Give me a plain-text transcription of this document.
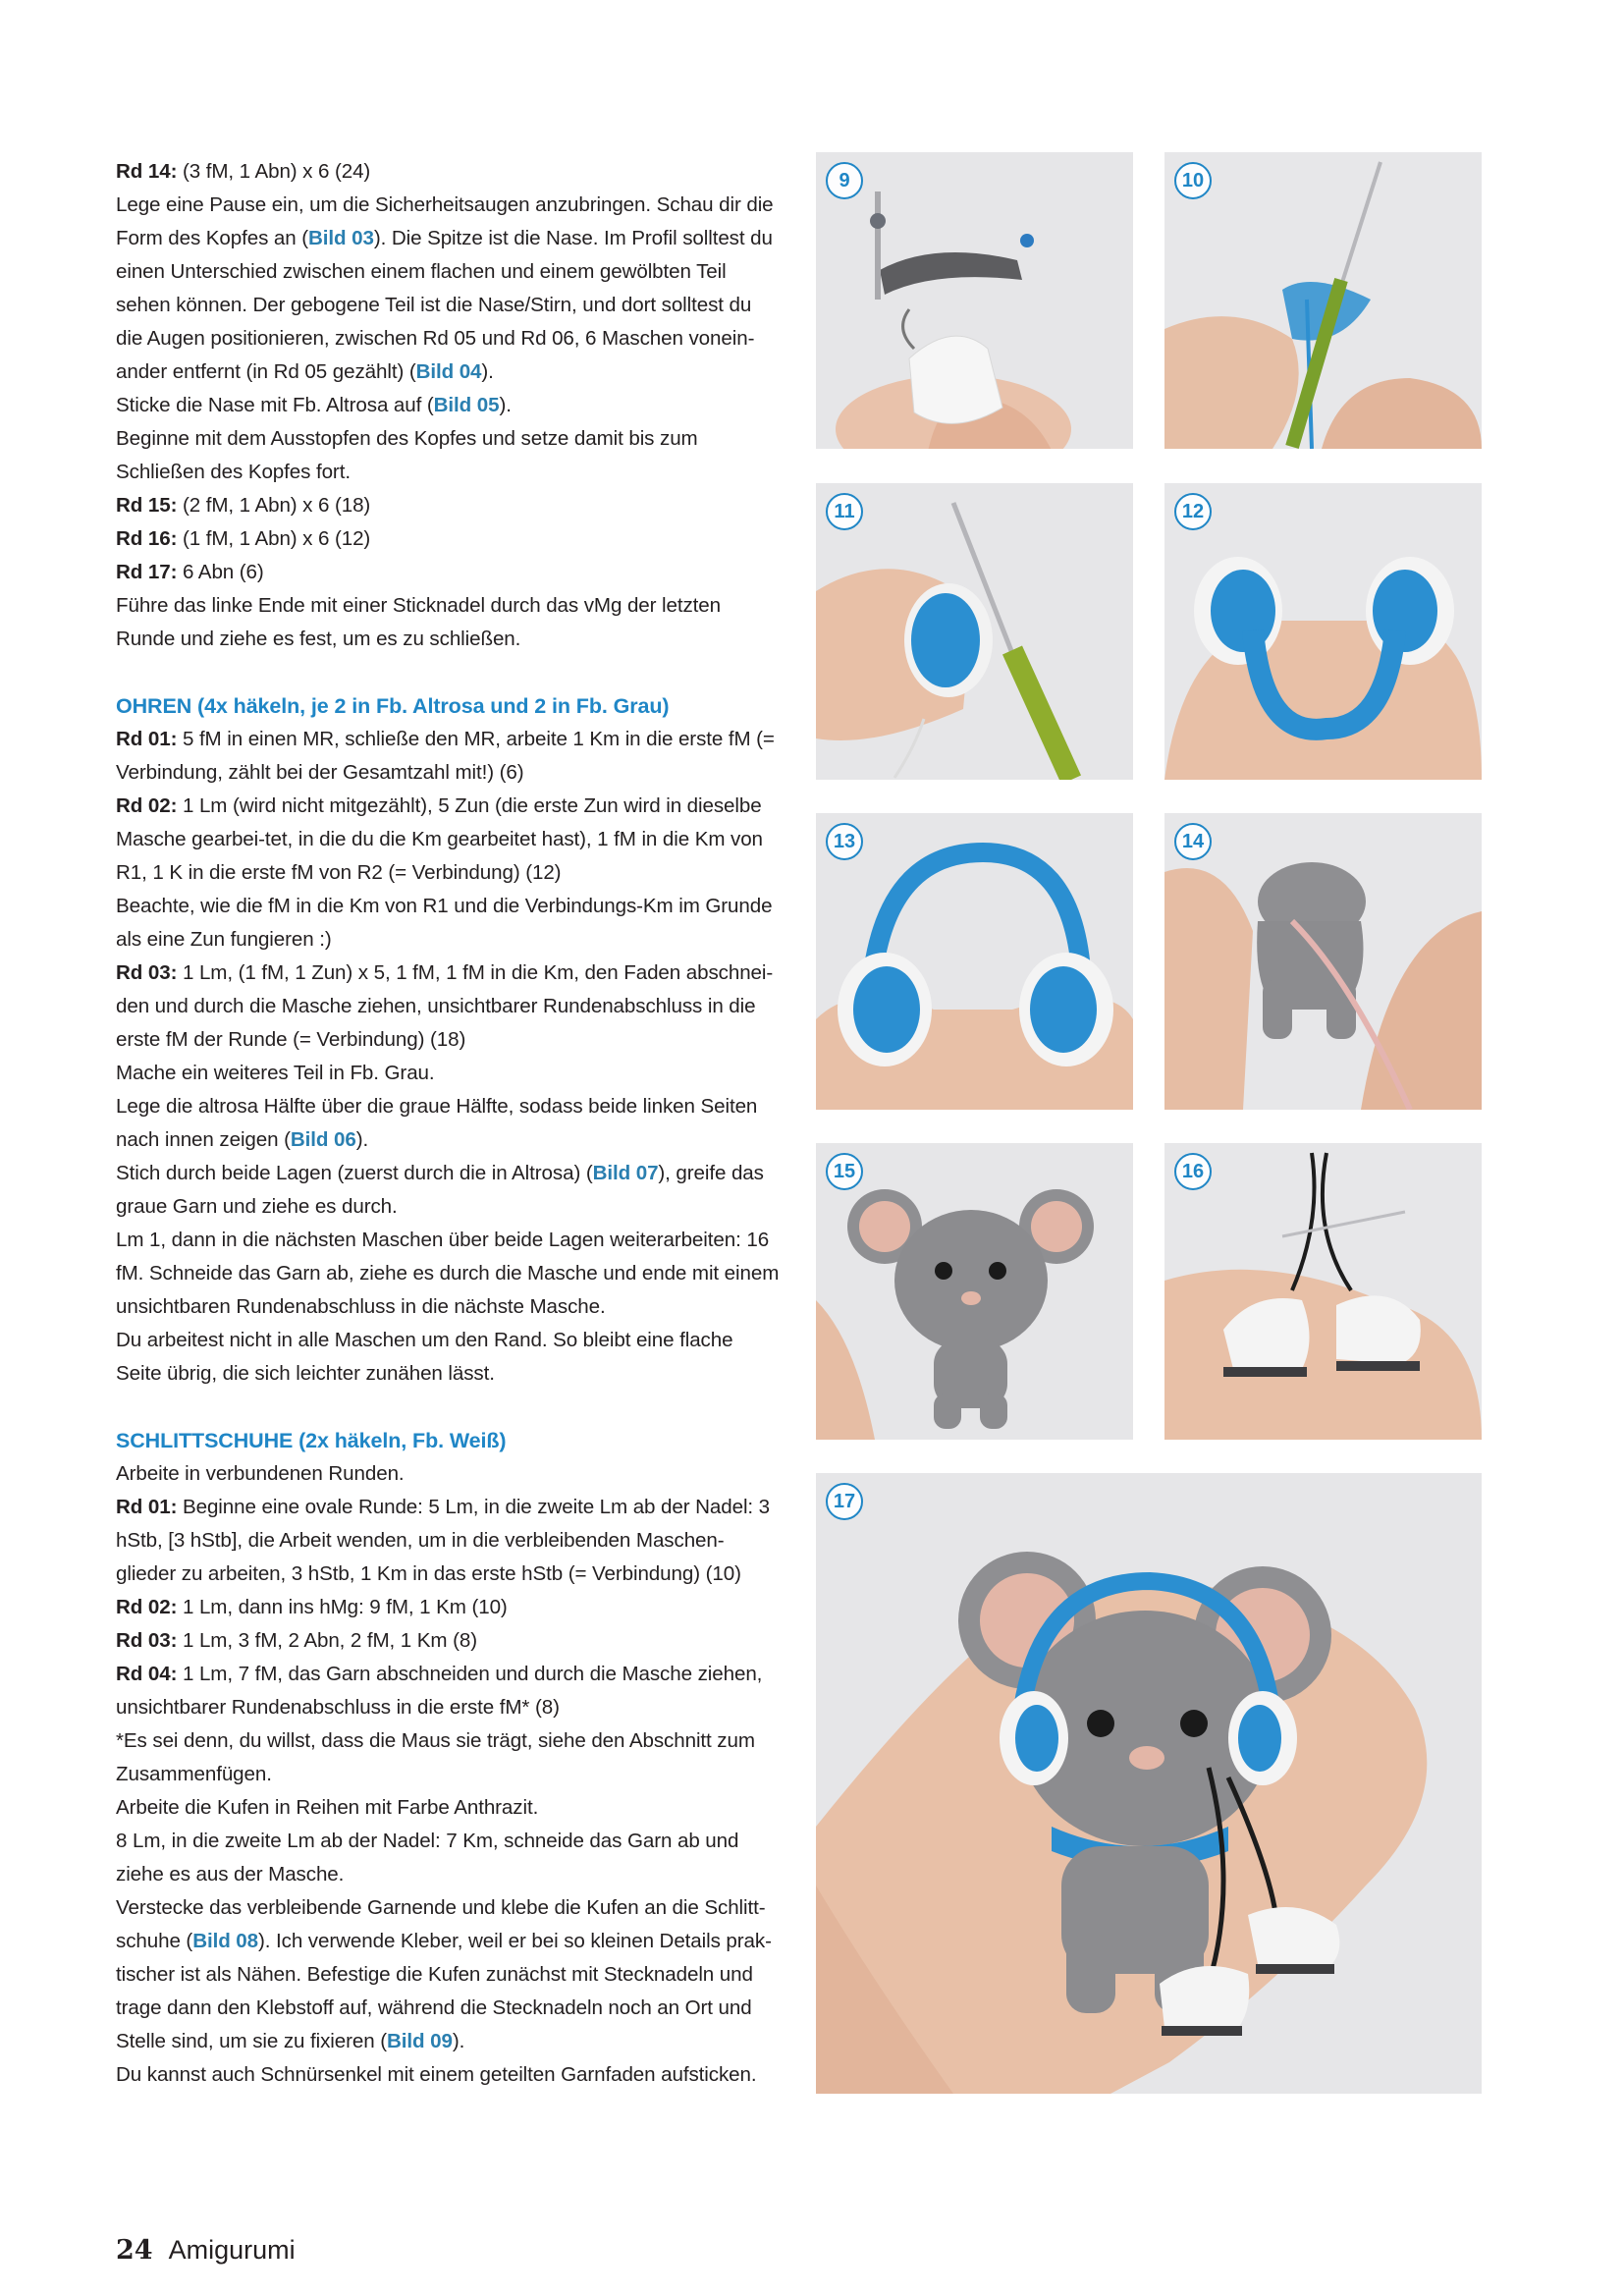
Rd 14: (3 fM, 1 Abn) x 6 (24)

Lege eine Pause ein, um die Sicherheitsaugen anzubringen. Schau dir die Form des Kopfes an (Bild 03). Die Spitze ist die Nase. Im Profil solltest du einen Unterschied zwischen einem flachen und einem gewölbten Teil sehen können. Der gebogene Teil ist die Nase/Stirn, und dort solltest du die Augen positionieren, zwischen Rd 05 und Rd 06, 6 Maschen vonein-ander entfernt (in Rd 05 gezählt) (Bild 04).

Sticke die Nase mit Fb. Altrosa auf (Bild 05).

Beginne mit dem Ausstopfen des Kopfes und setze damit bis zum Schließen des Kopfes fort.

Rd 15: (2 fM, 1 Abn) x 6 (18)

Rd 16: (1 fM, 1 Abn) x 6 (12)

Rd 17: 6 Abn (6)

Führe das linke Ende mit einer Sticknadel durch das vMg der letzten Runde und ziehe es fest, um es zu schließen.

OHREN (4x häkeln, je 2 in Fb. Altrosa und 2 in Fb. Grau)

Rd 01: 5 fM in einen MR, schließe den MR, arbeite 1 Km in die erste fM (= Verbindung, zählt bei der Gesamtzahl mit!) (6)

Rd 02: 1 Lm (wird nicht mitgezählt), 5 Zun (die erste Zun wird in dieselbe Masche gearbei-tet, in die du die Km gearbeitet hast), 1 fM in die Km von R1, 1 K in die erste fM von R2 (= Verbindung) (12)

Beachte, wie die fM in die Km von R1 und die Verbindungs-Km im Grunde als eine Zun fungieren :)

Rd 03: 1 Lm, (1 fM, 1 Zun) x 5, 1 fM, 1 fM in die Km, den Faden abschnei-den und durch die Masche ziehen, unsichtbarer Rundenabschluss in die erste fM der Runde (= Verbindung) (18)

Mache ein weiteres Teil in Fb. Grau.

Lege die altrosa Hälfte über die graue Hälfte, sodass beide linken Seiten nach innen zeigen (Bild 06).

Stich durch beide Lagen (zuerst durch die in Altrosa) (Bild 07), greife das graue Garn und ziehe es durch.

Lm 1, dann in die nächsten Maschen über beide Lagen weiterarbeiten: 16 fM. Schneide das Garn ab, ziehe es durch die Masche und ende mit einem unsichtbaren Rundenabschluss in die nächste Masche.

Du arbeitest nicht in alle Maschen um den Rand. So bleibt eine flache Seite übrig, die sich leichter zunähen lässt.

SCHLITTSCHUHE (2x häkeln, Fb. Weiß)

Arbeite in verbundenen Runden.

Rd 01: Beginne eine ovale Runde: 5 Lm, in die zweite Lm ab der Nadel: 3 hStb, [3 hStb], die Arbeit wenden, um in die verbleibenden Maschen-glieder zu arbeiten, 3 hStb, 1 Km in das erste hStb (= Verbindung) (10)

Rd 02: 1 Lm, dann ins hMg: 9 fM, 1 Km (10)

Rd 03: 1 Lm, 3 fM, 2 Abn, 2 fM, 1 Km (8)

Rd 04: 1 Lm, 7 fM, das Garn abschneiden und durch die Masche ziehen, unsichtbarer Rundenabschluss in die erste fM* (8)

*Es sei denn, du willst, dass die Maus sie trägt, siehe den Abschnitt zum Zusammenfügen.

Arbeite die Kufen in Reihen mit Farbe Anthrazit.

8 Lm, in die zweite Lm ab der Nadel: 7 Km, schneide das Garn ab und ziehe es aus der Masche.

Verstecke das verbleibende Garnende und klebe die Kufen an die Schlitt-schuhe (Bild 08). Ich verwende Kleber, weil er bei so kleinen Details prak-tischer ist als Nähen. Befestige die Kufen zunächst mit Stecknadeln und trage dann den Klebstoff auf, während die Stecknadeln noch an Ort und Stelle sind, um sie zu fixieren (Bild 09).

Du kannst auch Schnürsenkel mit einem geteilten Garnfaden aufsticken.

9	10
11	12
13	14
15	16
17
24 Amigurumi
